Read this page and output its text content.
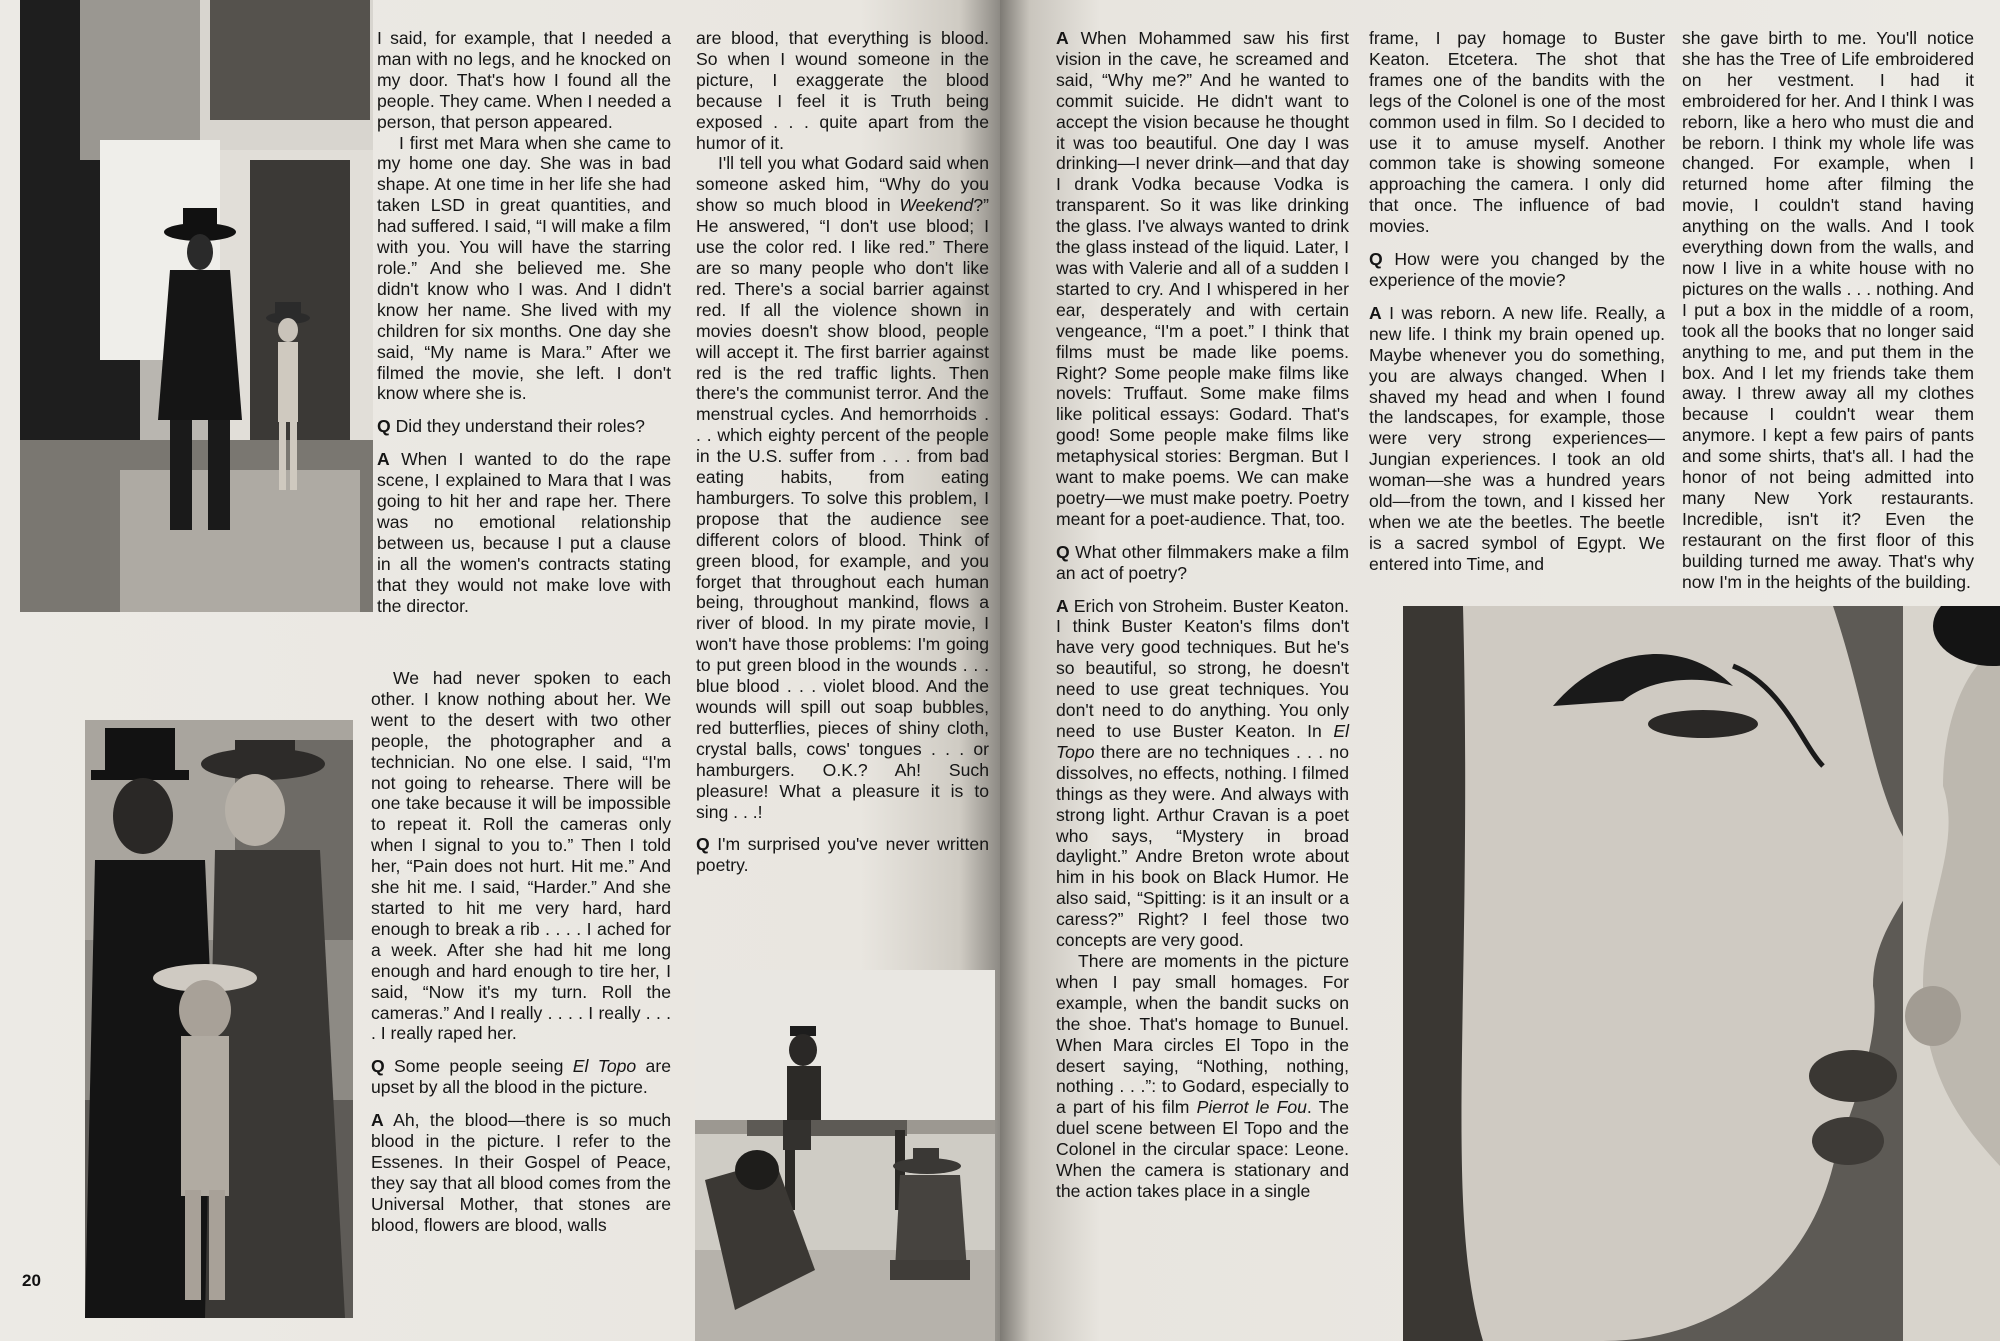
I said, for example, that I needed a man with no legs, and he knocked on my door. That's how I found all the people. They came. When I needed a person, that person appeared.

I first met Mara when she came to my home one day. She was in bad shape. At one time in her life she had taken LSD in great quantities, and had suffered. I said, “I will make a film with you. You will have the starring role.” And she believed me. She didn't know who I was. And I didn't know her name. She lived with my children for six months. One day she said, “My name is Mara.” After we filmed the movie, she left. I don't know where she is.

Q Did they understand their roles?

A When I wanted to do the rape scene, I explained to Mara that I was going to hit her and rape her. There was no emotional relationship between us, because I put a clause in all the women's contracts stating that they would not make love with the director.

We had never spoken to each other. I know nothing about her. We went to the desert with two other people, the photographer and a technician. No one else. I said, “I'm not going to rehearse. There will be one take because it will be impossible to repeat it. Roll the cameras only when I signal to you to.” Then I told her, “Pain does not hurt. Hit me.” And she hit me. I said, “Harder.” And she started to hit me very hard, hard enough to break a rib . . . . I ached for a week. After she had hit me long enough and hard enough to tire her, I said, “Now it's my turn. Roll the cameras.” And I really . . . . I really . . . . I really raped her.

Q Some people seeing El Topo are upset by all the blood in the picture.

A Ah, the blood—there is so much blood in the picture. I refer to the Essenes. In their Gospel of Peace, they say that all blood comes from the Universal Mother, that stones are blood, flowers are blood, walls

are blood, that everything is blood. So when I wound someone in the picture, I exaggerate the blood because I feel it is Truth being exposed . . . quite apart from the humor of it.

I'll tell you what Godard said when someone asked him, “Why do you show so much blood in Weekend?” He answered, “I don't use blood; I use the color red. I like red.” There are so many people who don't like red. There's a social barrier against red. If all the violence shown in movies doesn't show blood, people will accept it. The first barrier against red is the red traffic lights. Then there's the communist terror. And the menstrual cycles. And hemorrhoids . . . which eighty percent of the people in the U.S. suffer from . . . from bad eating habits, from eating hamburgers. To solve this problem, I propose that the audience see different colors of blood. Think of green blood, for example, and you forget that throughout each human being, throughout mankind, flows a river of blood. In my pirate movie, I won't have those problems: I'm going to put green blood in the wounds . . . blue blood . . . violet blood. And the wounds will spill out soap bubbles, red butterflies, pieces of shiny cloth, crystal balls, cows' tongues . . . or hamburgers. O.K.? Ah! Such pleasure! What a pleasure it is to sing . . .!

Q I'm surprised you've never written poetry.

A When Mohammed saw his first vision in the cave, he screamed and said, “Why me?” And he wanted to commit suicide. He didn't want to accept the vision because he thought it was too beautiful. One day I was drinking—I never drink—and that day I drank Vodka because Vodka is transparent. So it was like drinking the glass. I've always wanted to drink the glass instead of the liquid. Later, I was with Valerie and all of a sudden I started to cry. And I whispered in her ear, desperately and with certain vengeance, “I'm a poet.” I think that films must be made like poems. Right? Some people make films like novels: Truffaut. Some make films like political essays: Godard. That's good! Some people make films like metaphysical stories: Bergman. But I want to make poems. We can make poetry—we must make poetry. Poetry meant for a poet-audience. That, too.

Q What other filmmakers make a film an act of poetry?

A Erich von Stroheim. Buster Keaton. I think Buster Keaton's films don't have very good techniques. But he's so beautiful, so strong, he doesn't need to use great techniques. You don't need to do anything. You only need to use Buster Keaton. In El Topo there are no techniques . . . no dissolves, no effects, nothing. I filmed things as they were. And always with strong light. Arthur Cravan is a poet who says, “Mystery in broad daylight.” Andre Breton wrote about him in his book on Black Humor. He also said, “Spitting: is it an insult or a caress?” Right? I feel those two concepts are very good.

There are moments in the picture when I pay small homages. For example, when the bandit sucks on the shoe. That's homage to Bunuel. When Mara circles El Topo in the desert saying, “Nothing, nothing, nothing . . .”: to Godard, especially to a part of his film Pierrot le Fou. The duel scene between El Topo and the Colonel in the circular space: Leone. When the camera is stationary and the action takes place in a single

frame, I pay homage to Buster Keaton. Etcetera. The shot that frames one of the bandits with the legs of the Colonel is one of the most common used in film. So I decided to use it to amuse myself. Another common take is showing someone approaching the camera. I only did that once. The influence of bad movies.

Q How were you changed by the experience of the movie?

A I was reborn. A new life. Really, a new life. I think my brain opened up. Maybe whenever you do something, you are always changed. When I shaved my head and when I found the landscapes, for example, those were very strong experiences—Jungian experiences. I took an old woman—she was a hundred years old—from the town, and I kissed her when we ate the beetles. The beetle is a sacred symbol of Egypt. We entered into Time, and

she gave birth to me. You'll notice she has the Tree of Life embroidered on her vestment. I had it embroidered for her. And I think I was reborn, like a hero who must die and be reborn. I think my whole life was changed. For example, when I returned home after filming the movie, I couldn't stand having anything on the walls. And I took everything down from the walls, and now I live in a white house with no pictures on the walls . . . nothing. And I put a box in the middle of a room, took all the books that no longer said anything to me, and put them in the box. And I let my friends take them away. I threw away all my clothes because I couldn't wear them anymore. I kept a few pairs of pants and some shirts, that's all. I had the honor of not being admitted into many New York restaurants. Incredible, isn't it? Even the restaurant on the first floor of this building turned me away. That's why now I'm in the heights of the building.

20
